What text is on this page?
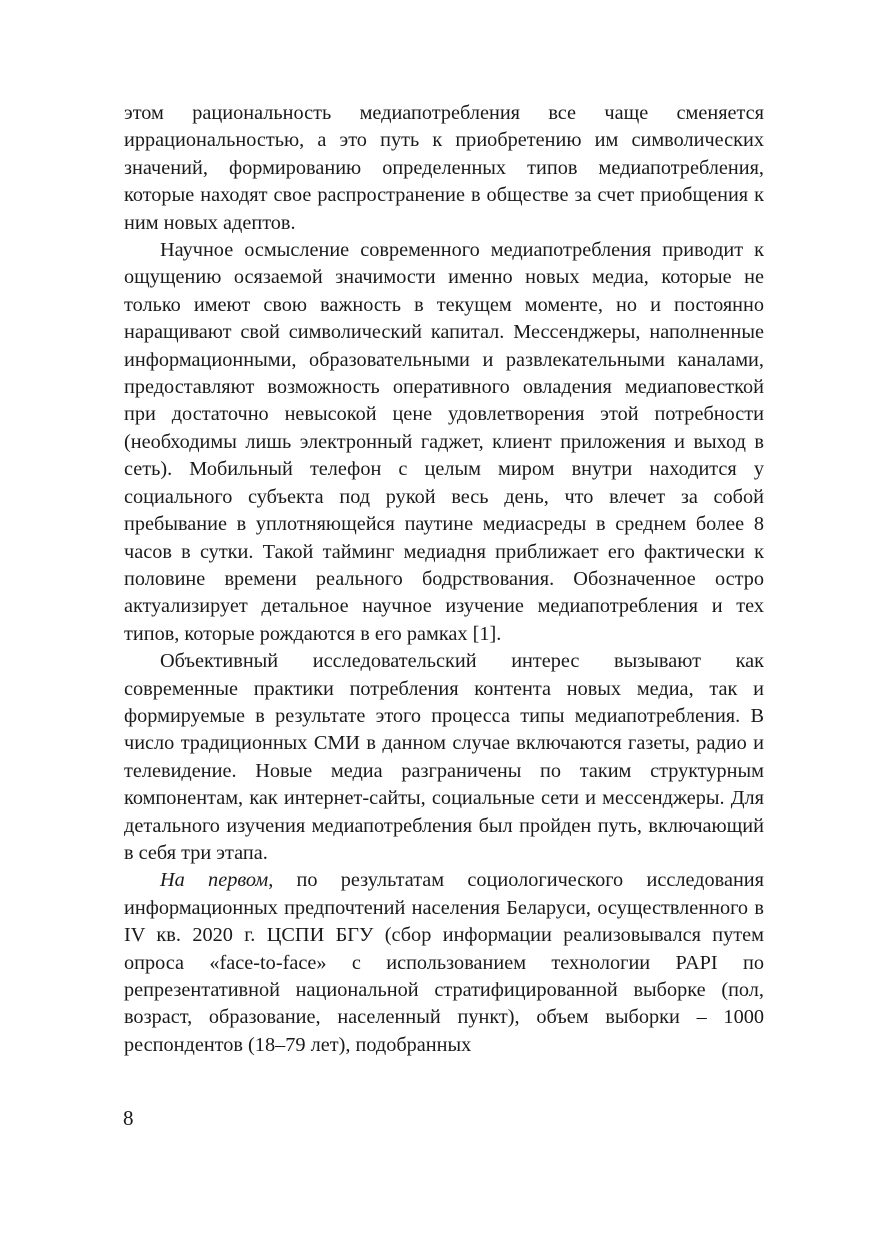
этом рациональность медиапотребления все чаще сменяется иррациональностью, а это путь к приобретению им символических значений, формированию определенных типов медиапотребления, которые находят свое распространение в обществе за счет приобщения к ним новых адептов.

Научное осмысление современного медиапотребления приводит к ощущению осязаемой значимости именно новых медиа, которые не только имеют свою важность в текущем моменте, но и постоянно наращивают свой символический капитал. Мессенджеры, наполненные информационными, образовательными и развлекательными каналами, предоставляют возможность оперативного овладения медиаповесткой при достаточно невысокой цене удовлетворения этой потребности (необходимы лишь электронный гаджет, клиент приложения и выход в сеть). Мобильный телефон с целым миром внутри находится у социального субъекта под рукой весь день, что влечет за собой пребывание в уплотняющейся паутине медиасреды в среднем более 8 часов в сутки. Такой тайминг медиадня приближает его фактически к половине времени реального бодрствования. Обозначенное остро актуализирует детальное научное изучение медиапотребления и тех типов, которые рождаются в его рамках [1].

Объективный исследовательский интерес вызывают как современные практики потребления контента новых медиа, так и формируемые в результате этого процесса типы медиапотребления. В число традиционных СМИ в данном случае включаются газеты, радио и телевидение. Новые медиа разграничены по таким структурным компонентам, как интернет-сайты, социальные сети и мессенджеры. Для детального изучения медиапотребления был пройден путь, включающий в себя три этапа.

На первом, по результатам социологического исследования информационных предпочтений населения Беларуси, осуществленного в IV кв. 2020 г. ЦСПИ БГУ (сбор информации реализовывался путем опроса «face-to-face» с использованием технологии PAPI по репрезентативной национальной стратифицированной выборке (пол, возраст, образование, населенный пункт), объем выборки – 1000 респондентов (18–79 лет), подобранных

8
